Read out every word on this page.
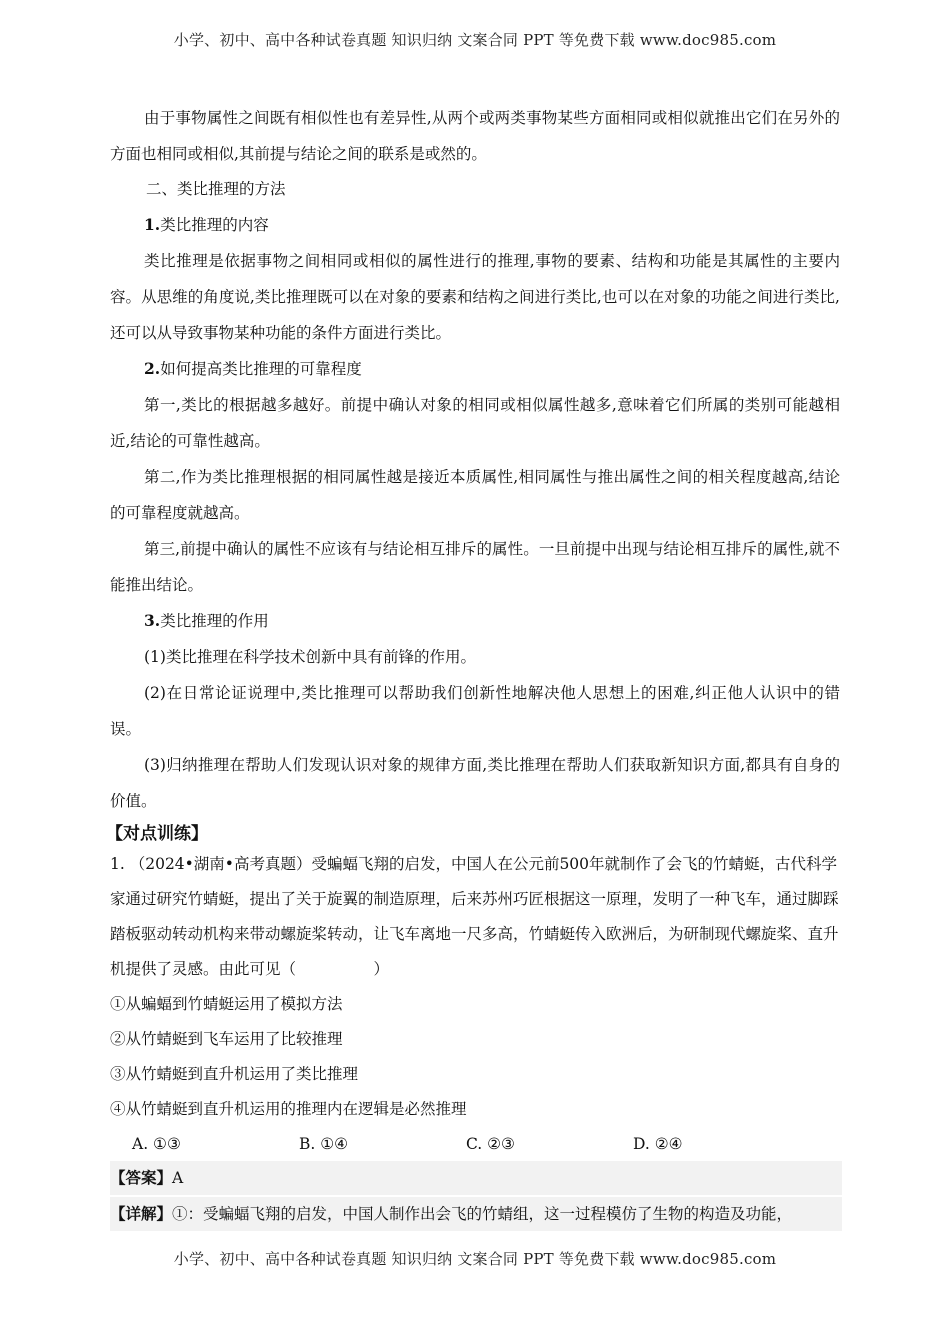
小学、初中、高中各种试卷真题 知识归纳 文案合同 PPT 等免费下载 www.doc985.com

由于事物属性之间既有相似性也有差异性,从两个或两类事物某些方面相同或相似就推出它们在另外的方面也相同或相似,其前提与结论之间的联系是或然的。

二、类比推理的方法

1.类比推理的内容

类比推理是依据事物之间相同或相似的属性进行的推理,事物的要素、结构和功能是其属性的主要内容。从思维的角度说,类比推理既可以在对象的要素和结构之间进行类比,也可以在对象的功能之间进行类比,还可以从导致事物某种功能的条件方面进行类比。

2.如何提高类比推理的可靠程度

第一,类比的根据越多越好。前提中确认对象的相同或相似属性越多,意味着它们所属的类别可能越相近,结论的可靠性越高。

第二,作为类比推理根据的相同属性越是接近本质属性,相同属性与推出属性之间的相关程度越高,结论的可靠程度就越高。

第三,前提中确认的属性不应该有与结论相互排斥的属性。一旦前提中出现与结论相互排斥的属性,就不能推出结论。

3.类比推理的作用

(1)类比推理在科学技术创新中具有前锋的作用。

(2)在日常论证说理中,类比推理可以帮助我们创新性地解决他人思想上的困难,纠正他人认识中的错误。

(3)归纳推理在帮助人们发现认识对象的规律方面,类比推理在帮助人们获取新知识方面,都具有自身的价值。

【对点训练】

1. （2024•湖南•高考真题）受蝙蝠飞翔的启发，中国人在公元前500年就制作了会飞的竹蜻蜓，古代科学家通过研究竹蜻蜓，提出了关于旋翼的制造原理，后来苏州巧匠根据这一原理，发明了一种飞车，通过脚踩踏板驱动转动机构来带动螺旋桨转动，让飞车离地一尺多高，竹蜻蜓传入欧洲后，为研制现代螺旋桨、直升机提供了灵感。由此可见（　　　　　）

①从蝙蝠到竹蜻蜓运用了模拟方法

②从竹蜻蜓到飞车运用了比较推理

③从竹蜻蜓到直升机运用了类比推理

④从竹蜻蜓到直升机运用的推理内在逻辑是必然推理

A. ①③	B. ①④	C. ②③	D. ②④
【答案】A
【详解】①：受蝙蝠飞翔的启发，中国人制作出会飞的竹蜻组，这一过程模仿了生物的构造及功能，
小学、初中、高中各种试卷真题 知识归纳 文案合同 PPT 等免费下载 www.doc985.com
